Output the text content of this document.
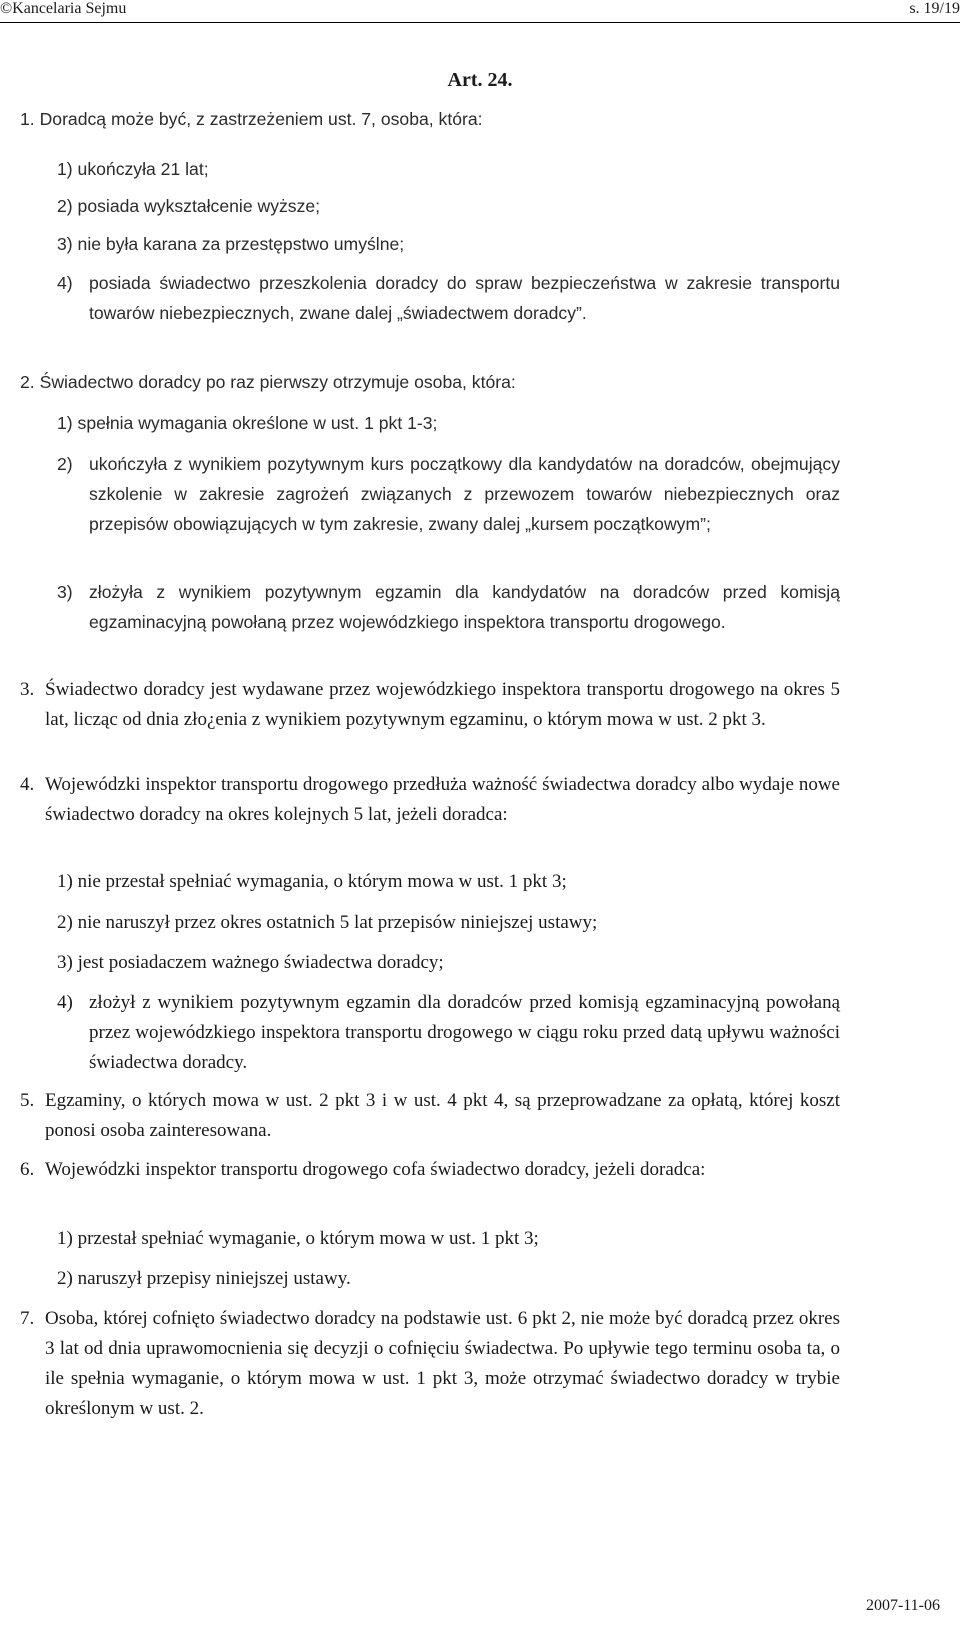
©Kancelaria Sejmu	s. 19/19
Art. 24.
1. Doradcą może być, z zastrzeżeniem ust. 7, osoba, która:
1) ukończyła 21 lat;
2) posiada wykształcenie wyższe;
3) nie była karana za przestępstwo umyślne;
4) posiada świadectwo przeszkolenia doradcy do spraw bezpieczeństwa w zakresie transportu towarów niebezpiecznych, zwane dalej „świadectwem doradcy”.
2. Świadectwo doradcy po raz pierwszy otrzymuje osoba, która:
1) spełnia wymagania określone w ust. 1 pkt 1-3;
2) ukończyła z wynikiem pozytywnym kurs początkowy dla kandydatów na doradców, obejmujący szkolenie w zakresie zagrożeń związanych z przewozem towarów niebezpiecznych oraz przepisów obowiązujących w tym zakresie, zwany dalej „kursem początkowym”;
3) złożyła z wynikiem pozytywnym egzamin dla kandydatów na doradców przed komisją egzaminacyjną powołaną przez wojewódzkiego inspektora transportu drogowego.
3. Świadectwo doradcy jest wydawane przez wojewódzkiego inspektora transportu drogowego na okres 5 lat, licząc od dnia zło¿enia z wynikiem pozytywnym egzaminu, o którym mowa w ust. 2 pkt 3.
4. Wojewódzki inspektor transportu drogowego przedłuża ważność świadectwa doradcy albo wydaje nowe świadectwo doradcy na okres kolejnych 5 lat, jeżeli doradca:
1) nie przestał spełniać wymagania, o którym mowa w ust. 1 pkt 3;
2) nie naruszył przez okres ostatnich 5 lat przepisów niniejszej ustawy;
3) jest posiadaczem ważnego świadectwa doradcy;
4) złożył z wynikiem pozytywnym egzamin dla doradców przed komisją egzaminacyjną powołaną przez wojewódzkiego inspektora transportu drogowego w ciągu roku przed datą upływu ważności świadectwa doradcy.
5. Egzaminy, o których mowa w ust. 2 pkt 3 i w ust. 4 pkt 4, są przeprowadzane za opłatą, której koszt ponosi osoba zainteresowana.
6. Wojewódzki inspektor transportu drogowego cofa świadectwo doradcy, jeżeli doradca:
1) przestał spełniać wymaganie, o którym mowa w ust. 1 pkt 3;
2) naruszył przepisy niniejszej ustawy.
7. Osoba, której cofnięto świadectwo doradcy na podstawie ust. 6 pkt 2, nie może być doradcą przez okres 3 lat od dnia uprawomocnienia się decyzji o cofnięciu świadectwa. Po upływie tego terminu osoba ta, o ile spełnia wymaganie, o którym mowa w ust. 1 pkt 3, może otrzymać świadectwo doradcy w trybie określonym w ust. 2.
2007-11-06
